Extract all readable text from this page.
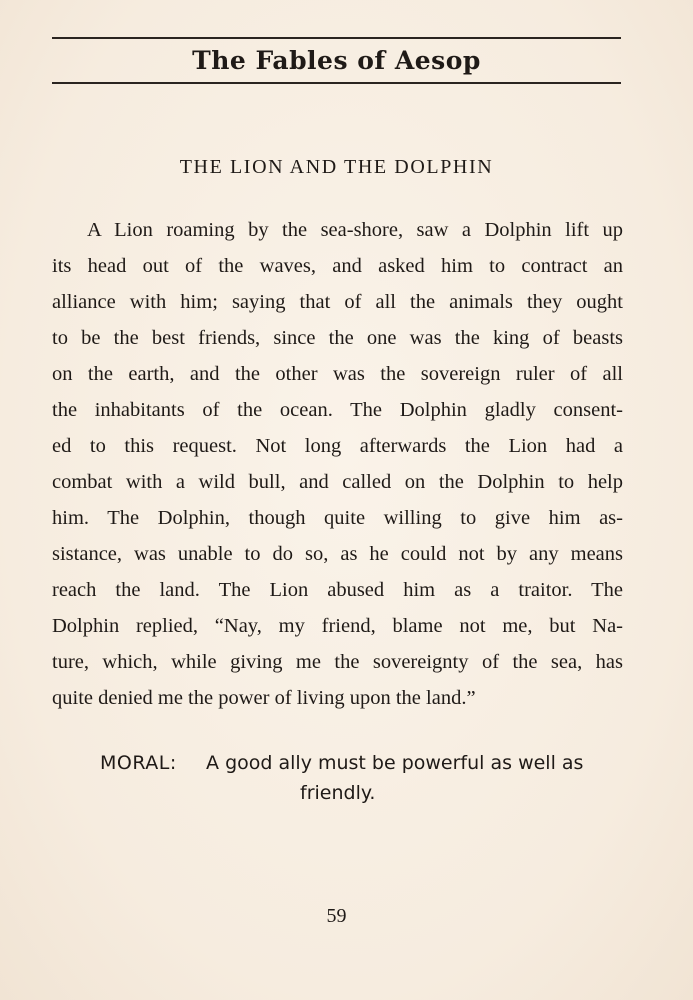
The Fables of Aesop
THE LION AND THE DOLPHIN
A Lion roaming by the sea-shore, saw a Dolphin lift up
its head out of the waves, and asked him to contract an
alliance with him; saying that of all the animals they ought
to be the best friends, since the one was the king of beasts
on the earth, and the other was the sovereign ruler of all
the inhabitants of the ocean. The Dolphin gladly consent-
ed to this request. Not long afterwards the Lion had a
combat with a wild bull, and called on the Dolphin to help
him. The Dolphin, though quite willing to give him as-
sistance, was unable to do so, as he could not by any means
reach the land. The Lion abused him as a traitor. The
Dolphin replied, “Nay, my friend, blame not me, but Na-
ture, which, while giving me the sovereignty of the sea, has
quite denied me the power of living upon the land.”
MORAL: A good ally must be powerful as well as
friendly.
59
